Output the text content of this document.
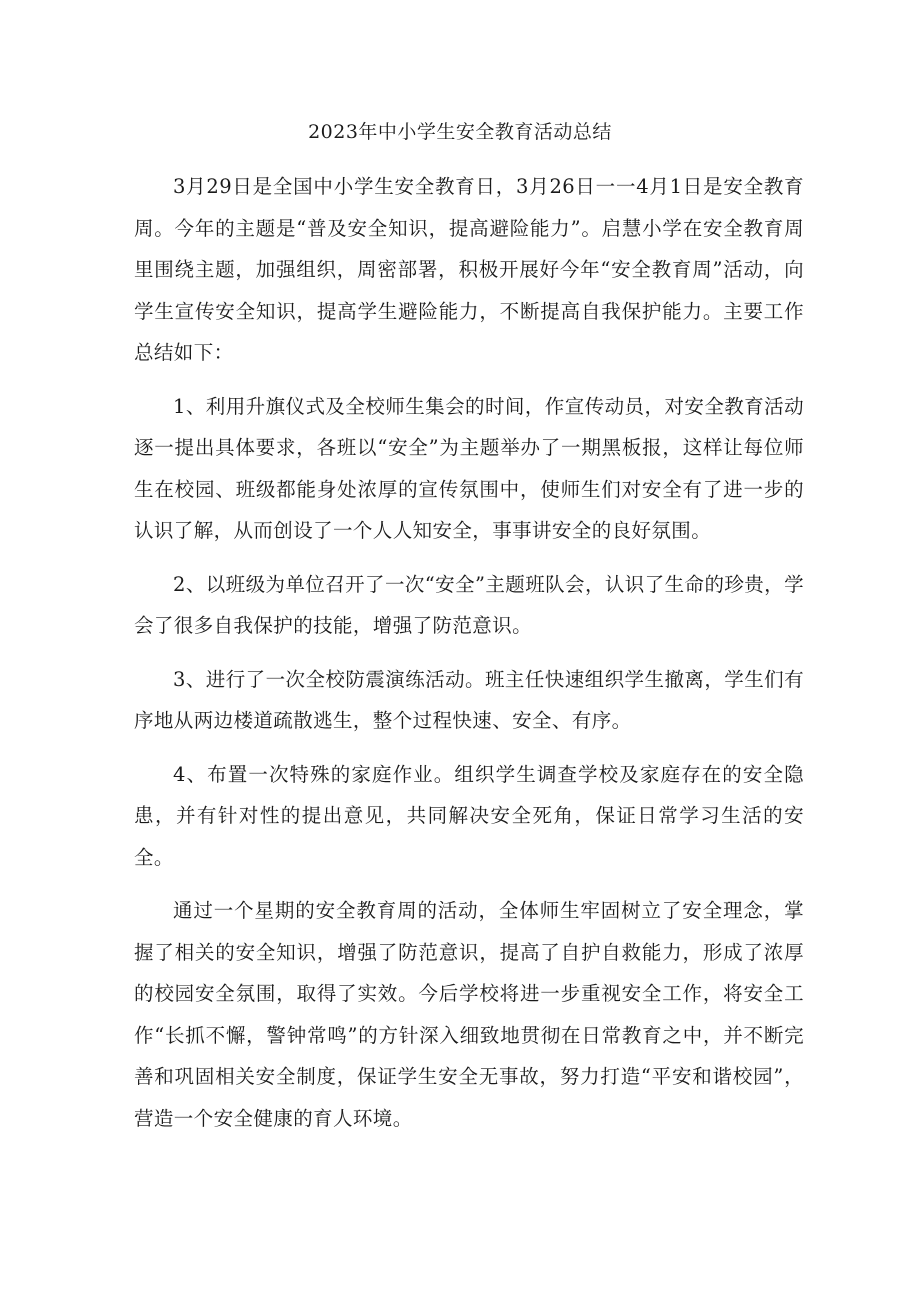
2023年中小学生安全教育活动总结

3月29日是全国中小学生安全教育日，3月26日一一4月1日是安全教育周。今年的主题是“普及安全知识，提高避险能力”。启慧小学在安全教育周里围绕主题，加强组织，周密部署，积极开展好今年“安全教育周”活动，向学生宣传安全知识，提高学生避险能力，不断提高自我保护能力。主要工作总结如下：

1、利用升旗仪式及全校师生集会的时间，作宣传动员，对安全教育活动逐一提出具体要求，各班以“安全”为主题举办了一期黑板报，这样让每位师生在校园、班级都能身处浓厚的宣传氛围中，使师生们对安全有了进一步的认识了解，从而创设了一个人人知安全，事事讲安全的良好氛围。

2、以班级为单位召开了一次“安全”主题班队会，认识了生命的珍贵，学会了很多自我保护的技能，增强了防范意识。

3、进行了一次全校防震演练活动。班主任快速组织学生撤离，学生们有序地从两边楼道疏散逃生，整个过程快速、安全、有序。

4、布置一次特殊的家庭作业。组织学生调查学校及家庭存在的安全隐患，并有针对性的提出意见，共同解决安全死角，保证日常学习生活的安全。

通过一个星期的安全教育周的活动，全体师生牢固树立了安全理念，掌握了相关的安全知识，增强了防范意识，提高了自护自救能力，形成了浓厚的校园安全氛围，取得了实效。今后学校将进一步重视安全工作，将安全工作“长抓不懈，警钟常鸣”的方针深入细致地贯彻在日常教育之中，并不断完善和巩固相关安全制度，保证学生安全无事故，努力打造“平安和谐校园”，营造一个安全健康的育人环境。
